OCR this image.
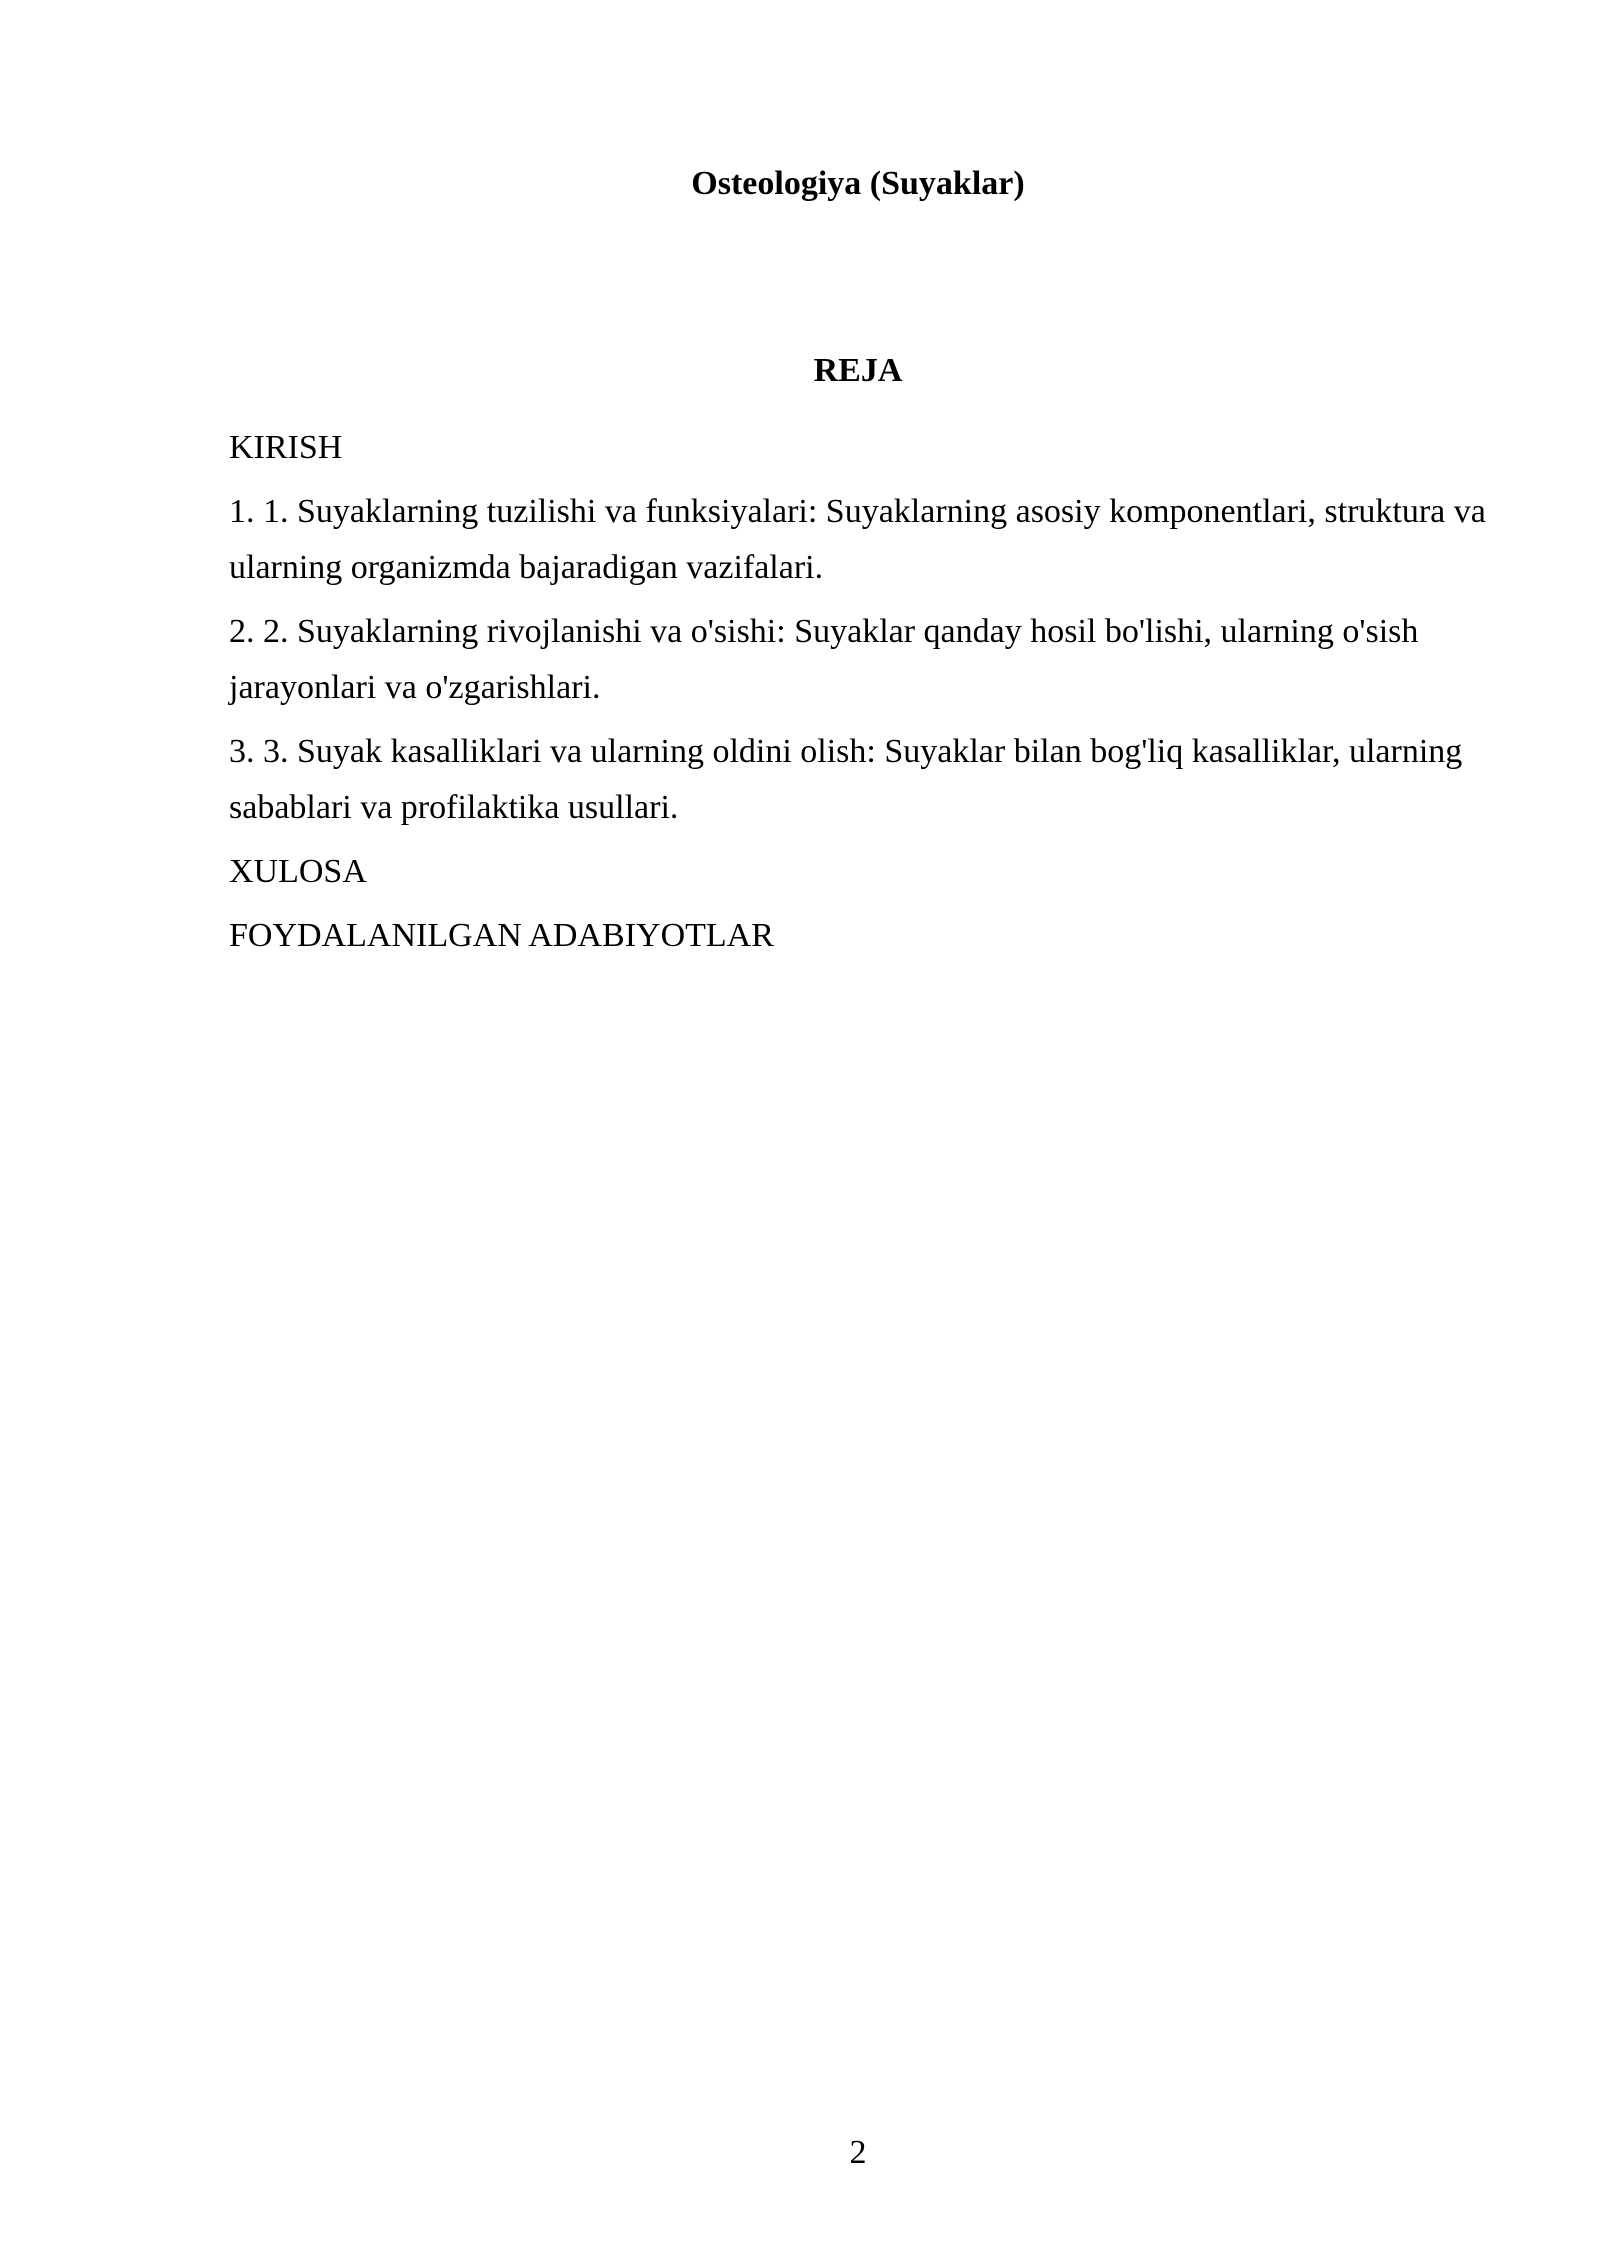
Osteologiya (Suyaklar)
REJA
KIRISH
1. 1. Suyaklarning tuzilishi va funksiyalari: Suyaklarning asosiy komponentlari, struktura va ularning organizmda bajaradigan vazifalari.
2. 2. Suyaklarning rivojlanishi va o'sishi: Suyaklar qanday hosil bo'lishi, ularning o'sish jarayonlari va o'zgarishlari.
3. 3. Suyak kasalliklari va ularning oldini olish: Suyaklar bilan bog'liq kasalliklar, ularning sabablari va profilaktika usullari.
XULOSA
FOYDALANILGAN ADABIYOTLAR
2
